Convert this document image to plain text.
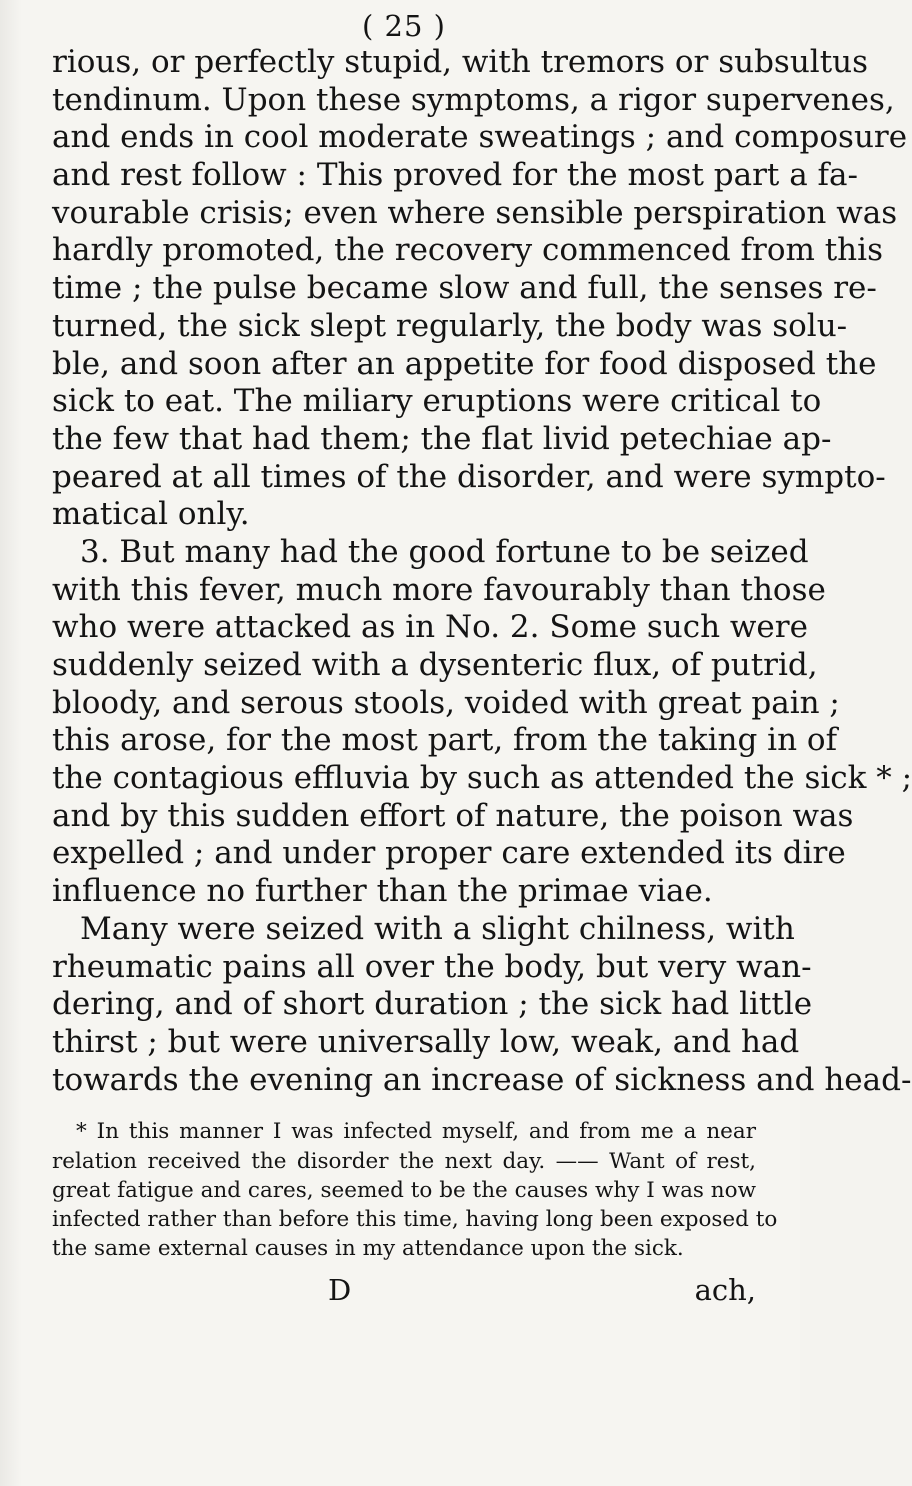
( 25 )
rious, or perfectly stupid, with tremors or subsultus
tendinum. Upon these symptoms, a rigor supervenes,
and ends in cool moderate sweatings ; and composure
and rest follow : This proved for the most part a fa-
vourable crisis; even where sensible perspiration was
hardly promoted, the recovery commenced from this
time ; the pulse became slow and full, the senses re-
turned, the sick slept regularly, the body was solu-
ble, and soon after an appetite for food disposed the
sick to eat. The miliary eruptions were critical to
the few that had them; the flat livid petechiae ap-
peared at all times of the disorder, and were sympto-
matical only.
3. But many had the good fortune to be seized
with this fever, much more favourably than those
who were attacked as in No. 2. Some such were
suddenly seized with a dysenteric flux, of putrid,
bloody, and serous stools, voided with great pain ;
this arose, for the most part, from the taking in of
the contagious effluvia by such as attended the sick * ;
and by this sudden effort of nature, the poison was
expelled ; and under proper care extended its dire
influence no further than the primae viae.
Many were seized with a slight chilness, with
rheumatic pains all over the body, but very wan-
dering, and of short duration ; the sick had little
thirst ; but were universally low, weak, and had
towards the evening an increase of sickness and head-
* In this manner I was infected myself, and from me a near
relation received the disorder the next day. —— Want of rest,
great fatigue and cares, seemed to be the causes why I was now
infected rather than before this time, having long been exposed to
the same external causes in my attendance upon the sick.
D	ach,
